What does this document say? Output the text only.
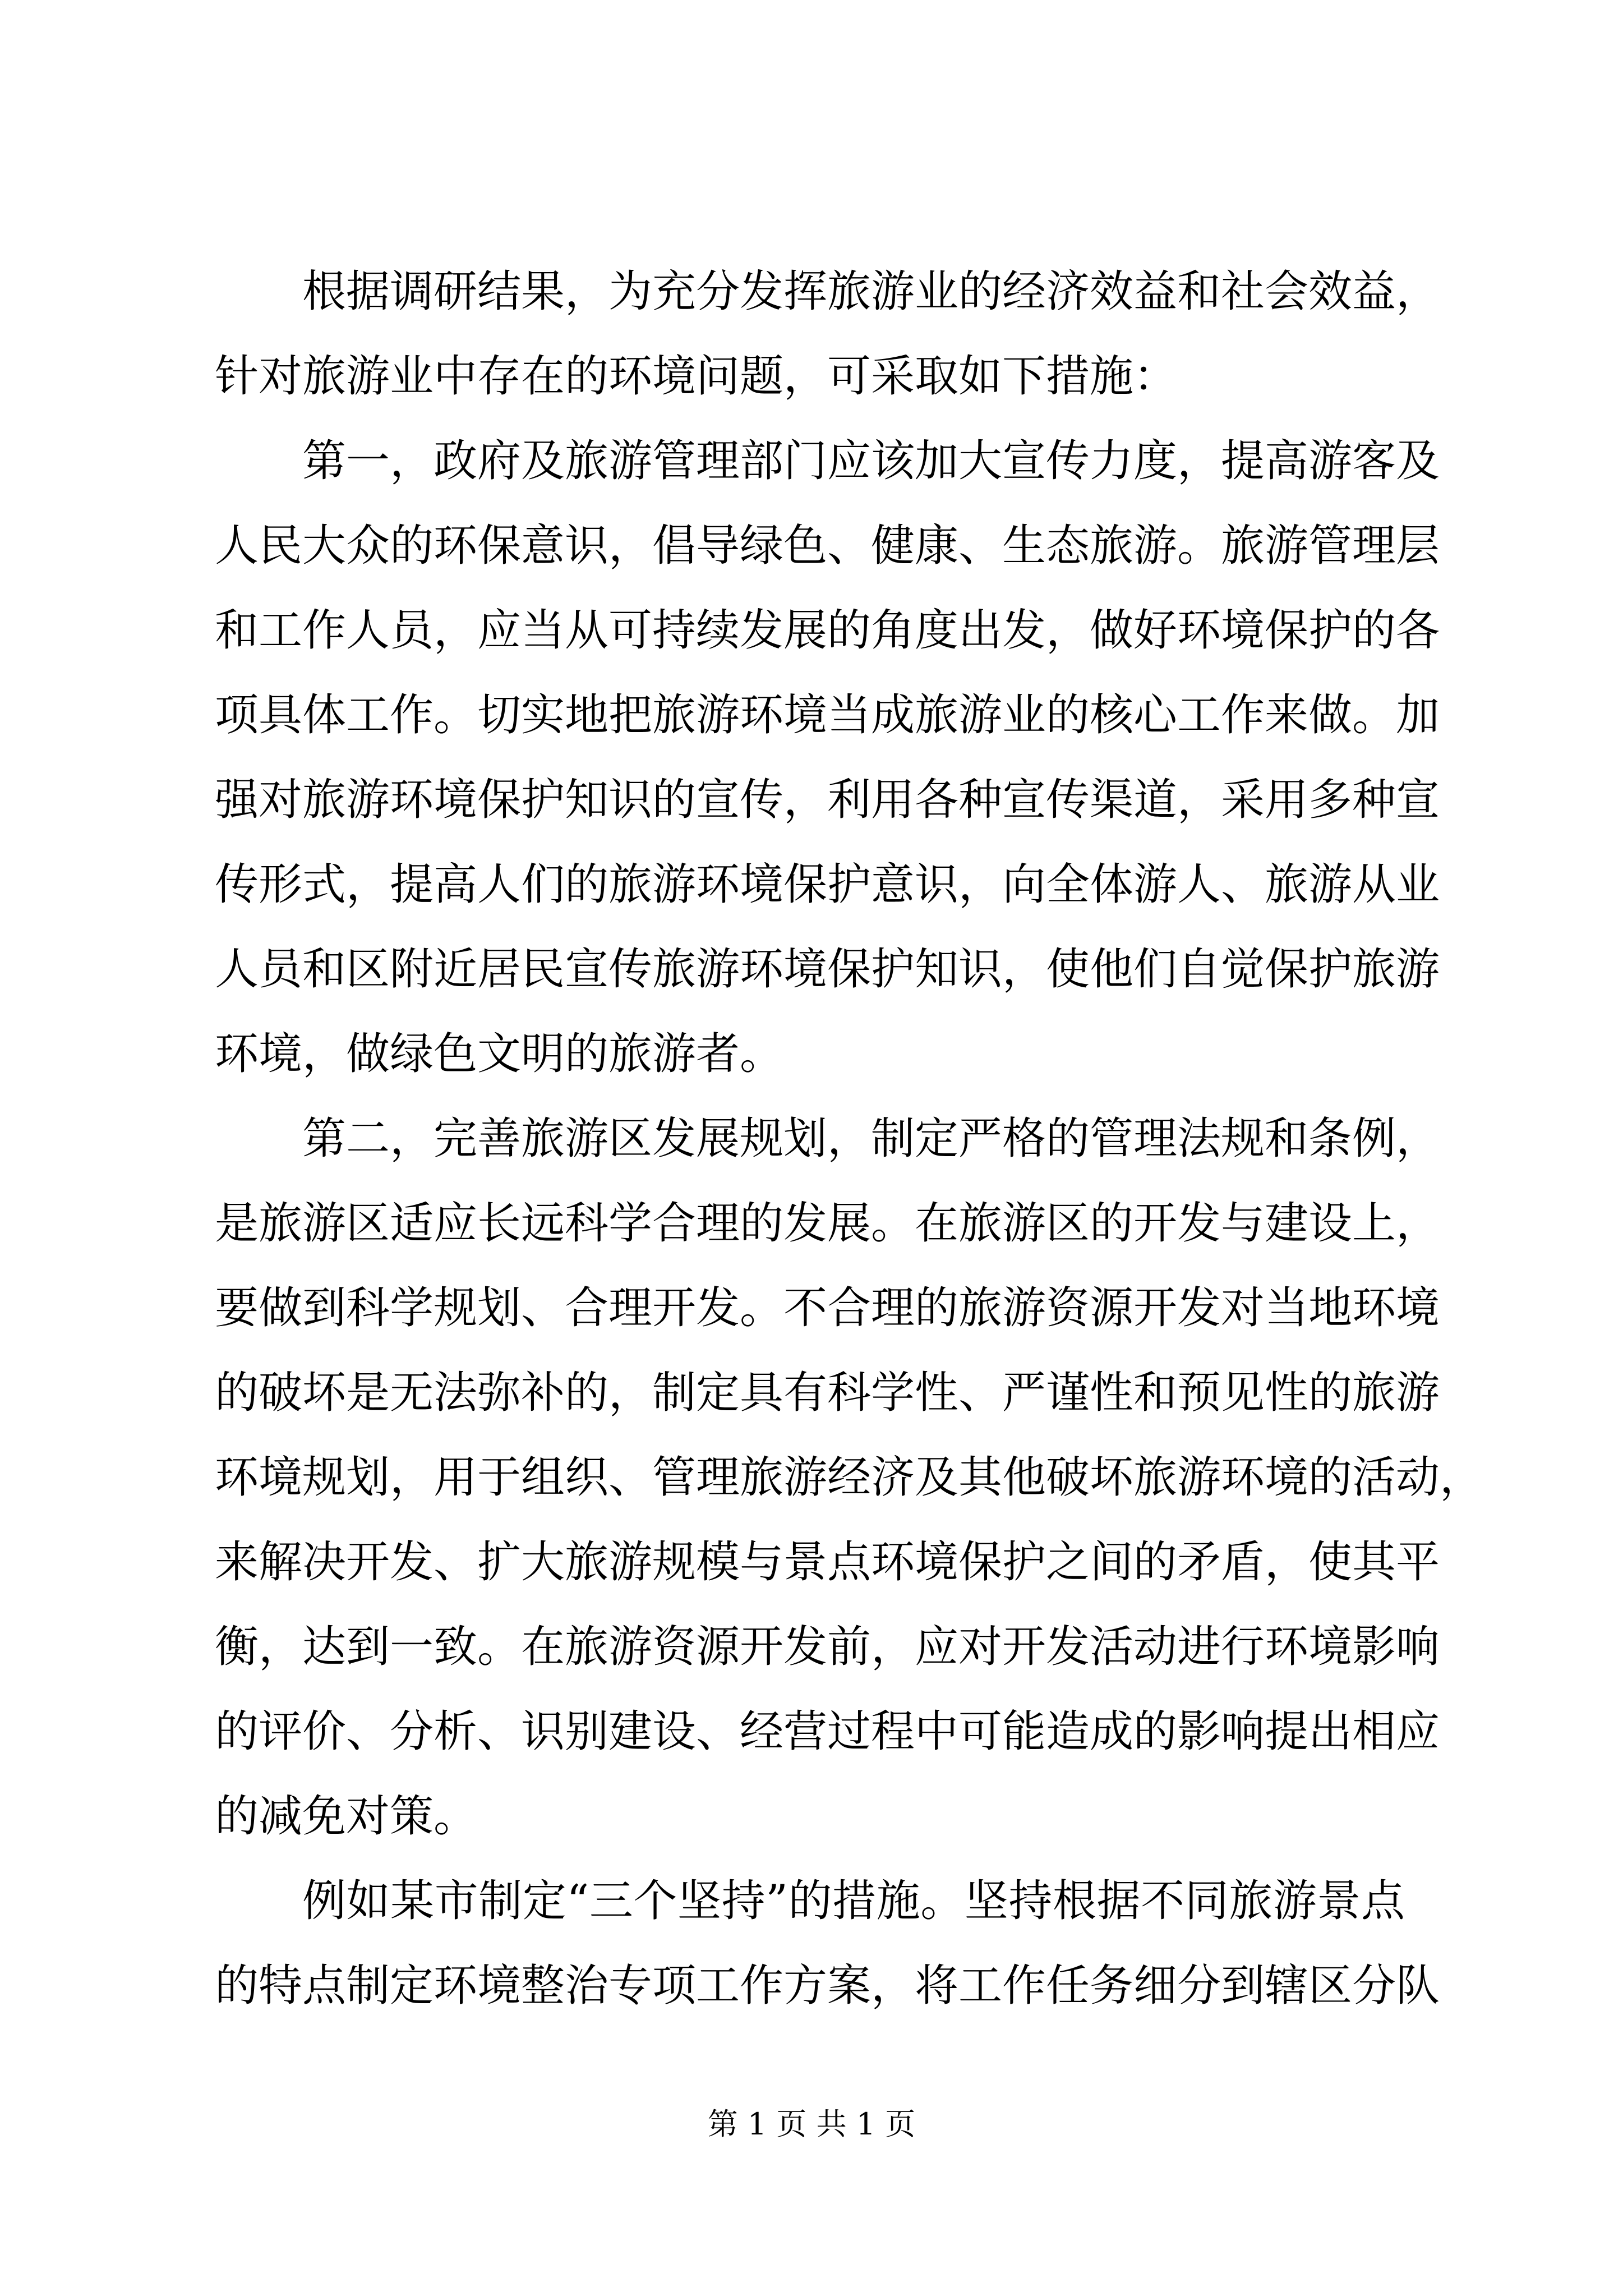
根据调研结果，为充分发挥旅游业的经济效益和社会效益，
针对旅游业中存在的环境问题，可采取如下措施：
第一，政府及旅游管理部门应该加大宣传力度，提高游客及
人民大众的环保意识，倡导绿色、健康、生态旅游。旅游管理层
和工作人员，应当从可持续发展的角度出发，做好环境保护的各
项具体工作。切实地把旅游环境当成旅游业的核心工作来做。加
强对旅游环境保护知识的宣传，利用各种宣传渠道，采用多种宣
传形式，提高人们的旅游环境保护意识，向全体游人、旅游从业
人员和区附近居民宣传旅游环境保护知识，使他们自觉保护旅游
环境，做绿色文明的旅游者。
第二，完善旅游区发展规划，制定严格的管理法规和条例，
是旅游区适应长远科学合理的发展。在旅游区的开发与建设上，
要做到科学规划、合理开发。不合理的旅游资源开发对当地环境
的破坏是无法弥补的，制定具有科学性、严谨性和预见性的旅游
环境规划，用于组织、管理旅游经济及其他破坏旅游环境的活动，
来解决开发、扩大旅游规模与景点环境保护之间的矛盾，使其平
衡，达到一致。在旅游资源开发前，应对开发活动进行环境影响
的评价、分析、识别建设、经营过程中可能造成的影响提出相应
的减免对策。
例如某市制定“三个坚持”的措施。坚持根据不同旅游景点
的特点制定环境整治专项工作方案，将工作任务细分到辖区分队
第 1 页 共 1 页
